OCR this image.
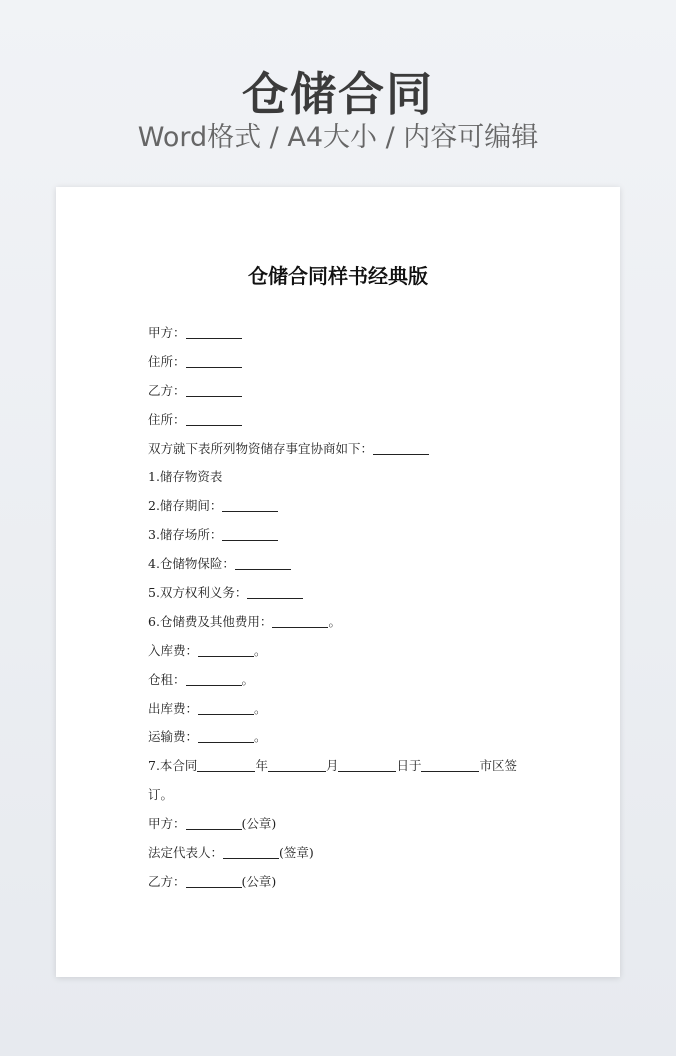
仓储合同
Word格式 / A4大小 / 内容可编辑
仓储合同样书经典版
甲方：
住所：
乙方：
住所：
双方就下表所列物资储存事宜协商如下：
1.储存物资表
2.储存期间：
3.储存场所：
4.仓储物保险：
5.双方权利义务：
6.仓储费及其他费用：	。
入库费：	。
仓租：	。
出库费：	。
运输费：	。
7.本合同	年	月	日于	市区签
订。
甲方：	(公章)
法定代表人：	(签章)
乙方：	(公章)
